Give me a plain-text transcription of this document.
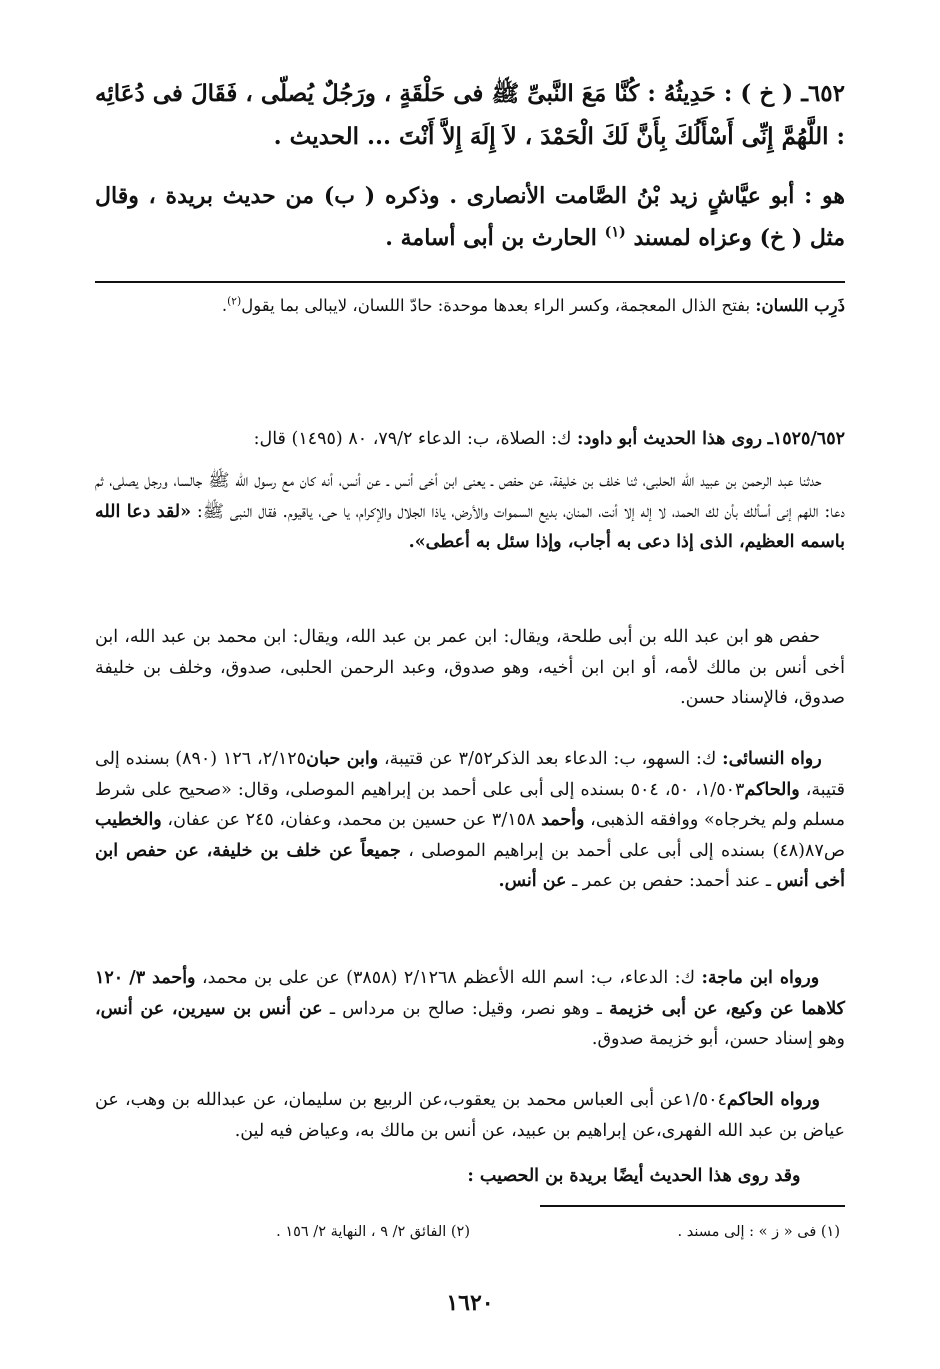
٦٥٢ـ ( خ ) : حَدِيثُهُ : كُنَّا مَعَ النَّبىِّ ﷺ فى حَلْقَةٍ ، ورَجُلٌ يُصلّى ، فَقَالَ فى دُعَائِه : اللَّهُمَّ إِنِّى أَسْأَلُكَ بِأَنَّ لَكَ الْحَمْدَ ، لاَ إِلَهَ إِلاَّ أَنْتَ ... الحديث .

هو : أبو عيَّاشٍ زيد بْنُ الصَّامت الأنصارى . وذكره ( ب) من حديث بريدة ، وقال مثل ( خ) وعزاه لمسند $^{(١)}$ الحارث بن أبى أسامة .

ذَرِب اللسان: بفتح الذال المعجمة، وكسر الراء بعدها موحدة: حادّ اللسان، لايبالى بما يقول$^{(٢)}$.

١٥٢٥/٦٥٢ـ روى هذا الحديث أبو داود: ك: الصلاة، ب: الدعاء ٧٩/٢، ٨٠ (١٤٩٥) قال:

حدثنا عبد الرحمن بن عبيد الله الحلبى، ثنا خلف بن خليفة، عن حفص ـ يعنى ابن أخى أنس ـ عن أنس، أنه كان مع رسول الله ﷺ جالسا، ورجل يصلى، ثم دعا: اللهم إنى أسألك بأن لك الحمد، لا إله إلا أنت، المنان، بديع السموات والأرض، ياذا الجلال والإكرام، يا حى، ياقيوم. فقال النبى ﷺ: «لقد دعا الله باسمه العظيم، الذى إذا دعى به أجاب، وإذا سئل به أعطى».

حفص هو ابن عبد الله بن أبى طلحة، ويقال: ابن عمر بن عبد الله، ويقال: ابن محمد بن عبد الله، ابن أخى أنس بن مالك لأمه، أو ابن ابن أخيه، وهو صدوق، وعبد الرحمن الحلبى، صدوق، وخلف بن خليفة صدوق، فالإسناد حسن.

رواه النسائى: ك: السهو، ب: الدعاء بعد الذكر٣/٥٢ عن قتيبة، وابن حبان٢/١٢٥، ١٢٦ (٨٩٠) بسنده إلى قتيبة، والحاكم١/٥٠٣، ٥٠، ٥٠٤ بسنده إلى أبى على أحمد بن إبراهيم الموصلى، وقال: «صحيح على شرط مسلم ولم يخرجاه» ووافقه الذهبى، وأحمد ٣/١٥٨ عن حسين بن محمد، وعفان، ٢٤٥ عن عفان، والخطيب ص٨٧(٤٨) بسنده إلى أبى على أحمد بن إبراهيم الموصلى ، جميعاً عن خلف بن خليفة، عن حفص ابن أخى أنس ـ عند أحمد: حفص بن عمر ـ عن أنس.

ورواه ابن ماجة: ك: الدعاء، ب: اسم الله الأعظم ٢/١٢٦٨ (٣٨٥٨) عن على بن محمد، وأحمد ٣/ ١٢٠ كلاهما عن وكيع، عن أبى خزيمة ـ وهو نصر، وقيل: صالح بن مرداس ـ عن أنس بن سيرين، عن أنس، وهو إسناد حسن، أبو خزيمة صدوق.

ورواه الحاكم١/٥٠٤عن أبى العباس محمد بن يعقوب،عن الربيع بن سليمان، عن عبدالله بن وهب، عن عياض بن عبد الله الفهرى،عن إبراهيم بن عبيد، عن أنس بن مالك به، وعياض فيه لين.

وقد روى هذا الحديث أيضًا بريدة بن الحصيب :

(١) فى « ز » : إلى مسند .
(٢) الفائق ٢/ ٩ ، النهاية ٢/ ١٥٦ .
١٦٢٠
